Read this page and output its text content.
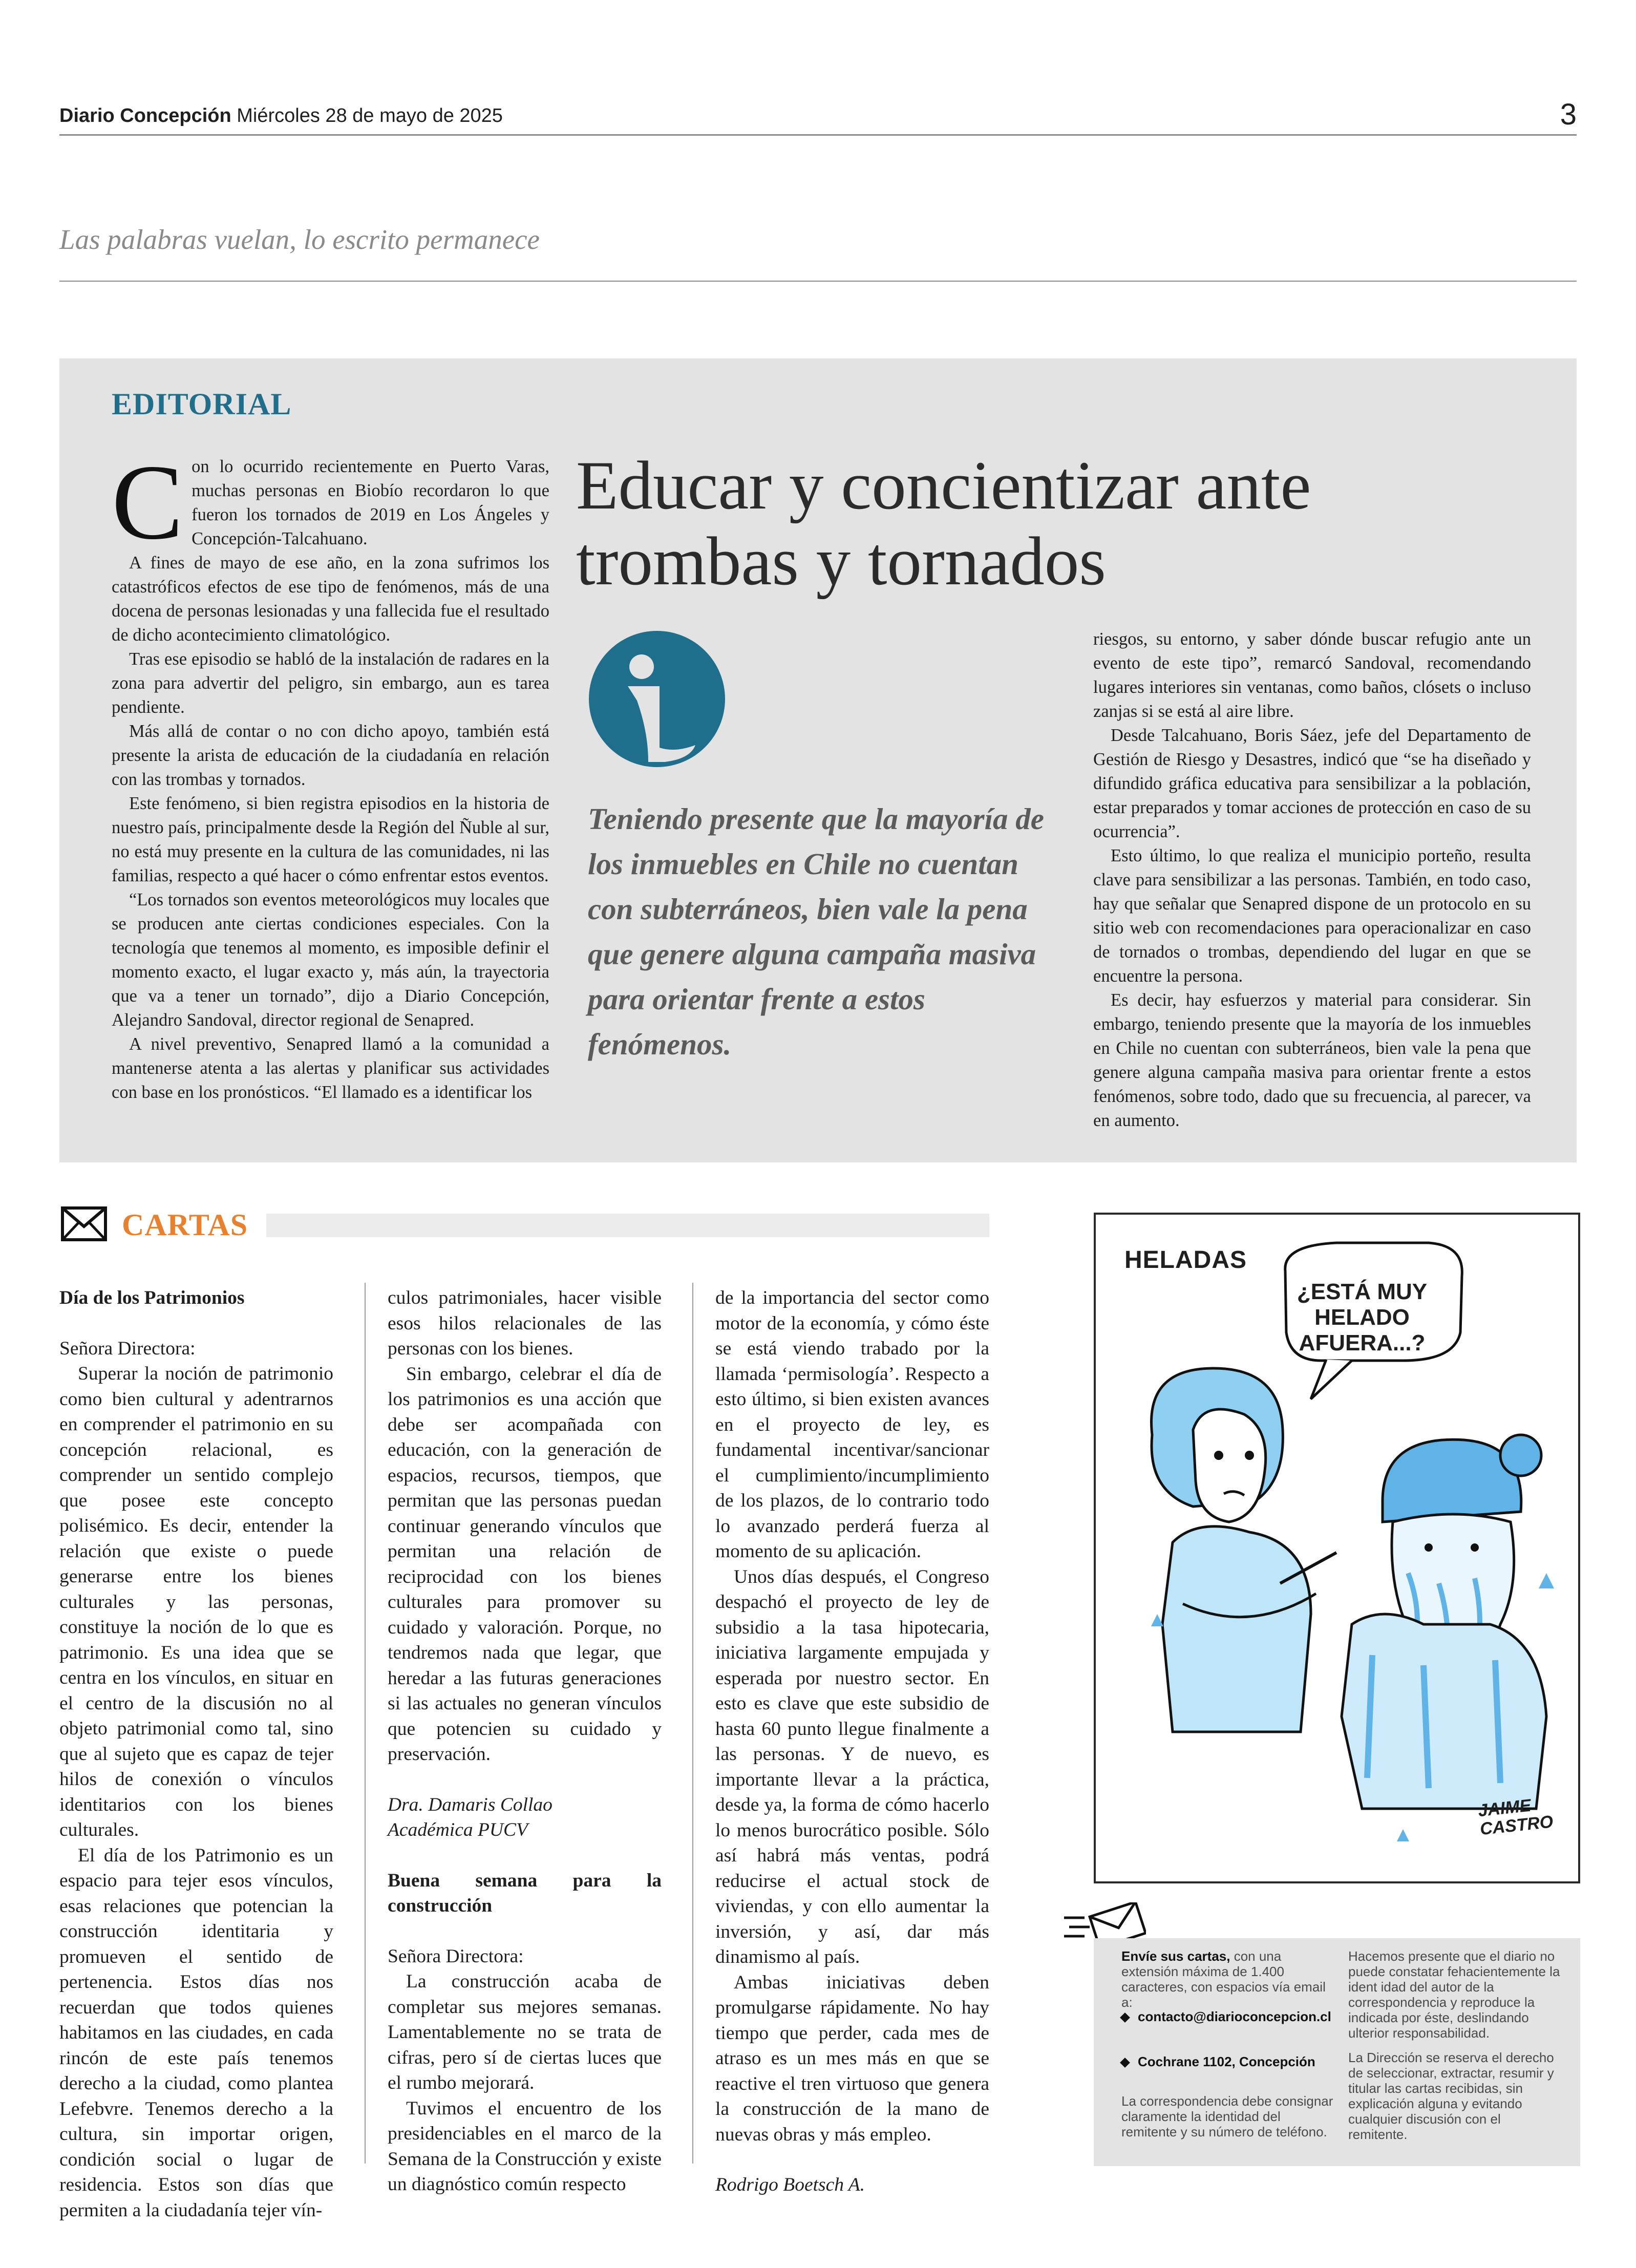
Diario Concepción Miércoles 28 de mayo de 2025	3
Las palabras vuelan, lo escrito permanece
EDITORIAL

Con lo ocurrido recientemente en Puerto Varas, muchas personas en Biobío recordaron lo que fueron los tornados de 2019 en Los Ángeles y Concepción-Talcahuano.

A fines de mayo de ese año, en la zona sufrimos los catastróficos efectos de ese tipo de fenómenos, más de una docena de personas lesionadas y una fallecida fue el resultado de dicho acontecimiento climatológico.

Tras ese episodio se habló de la instalación de radares en la zona para advertir del peligro, sin embargo, aun es tarea pendiente.

Más allá de contar o no con dicho apoyo, también está presente la arista de educación de la ciudadanía en relación con las trombas y tornados.

Este fenómeno, si bien registra episodios en la historia de nuestro país, principalmente desde la Región del Ñuble al sur, no está muy presente en la cultura de las comunidades, ni las familias, respecto a qué hacer o cómo enfrentar estos eventos.

“Los tornados son eventos meteorológicos muy locales que se producen ante ciertas condiciones especiales. Con la tecnología que tenemos al momento, es imposible definir el momento exacto, el lugar exacto y, más aún, la trayectoria que va a tener un tornado”, dijo a Diario Concepción, Alejandro Sandoval, director regional de Senapred.

A nivel preventivo, Senapred llamó a la comunidad a mantenerse atenta a las alertas y planificar sus actividades con base en los pronósticos. “El llamado es a identificar los

Educar y concientizar ante trombas y tornados
Teniendo presente que la mayoría de los inmuebles en Chile no cuentan con subterráneos, bien vale la pena que genere alguna campaña masiva para orientar frente a estos fenómenos.

riesgos, su entorno, y saber dónde buscar refugio ante un evento de este tipo”, remarcó Sandoval, recomendando lugares interiores sin ventanas, como baños, clósets o incluso zanjas si se está al aire libre.

Desde Talcahuano, Boris Sáez, jefe del Departamento de Gestión de Riesgo y Desastres, indicó que “se ha diseñado y difundido gráfica educativa para sensibilizar a la población, estar preparados y tomar acciones de protección en caso de su ocurrencia”.

Esto último, lo que realiza el municipio porteño, resulta clave para sensibilizar a las personas. También, en todo caso, hay que señalar que Senapred dispone de un protocolo en su sitio web con recomendaciones para operacionalizar en caso de tornados o trombas, dependiendo del lugar en que se encuentre la persona.

Es decir, hay esfuerzos y material para considerar. Sin embargo, teniendo presente que la mayoría de los inmuebles en Chile no cuentan con subterráneos, bien vale la pena que genere alguna campaña masiva para orientar frente a estos fenómenos, sobre todo, dado que su frecuencia, al parecer, va en aumento.

CARTAS

Día de los Patrimonios

Señora Directora:

Superar la noción de patrimonio como bien cultural y adentrarnos en comprender el patrimonio en su concepción relacional, es comprender un sentido complejo que posee este concepto polisémico. Es decir, entender la relación que existe o puede generarse entre los bienes culturales y las personas, constituye la noción de lo que es patrimonio. Es una idea que se centra en los vínculos, en situar en el centro de la discusión no al objeto patrimonial como tal, sino que al sujeto que es capaz de tejer hilos de conexión o vínculos identitarios con los bienes culturales.

El día de los Patrimonio es un espacio para tejer esos vínculos, esas relaciones que potencian la construcción identitaria y promueven el sentido de pertenencia. Estos días nos recuerdan que todos quienes habitamos en las ciudades, en cada rincón de este país tenemos derecho a la ciudad, como plantea Lefebvre. Tenemos derecho a la cultura, sin importar origen, condición social o lugar de residencia. Estos son días que permiten a la ciudadanía tejer vín-

culos patrimoniales, hacer visible esos hilos relacionales de las personas con los bienes.

Sin embargo, celebrar el día de los patrimonios es una acción que debe ser acompañada con educación, con la generación de espacios, recursos, tiempos, que permitan que las personas puedan continuar generando vínculos que permitan una relación de reciprocidad con los bienes culturales para promover su cuidado y valoración. Porque, no tendremos nada que legar, que heredar a las futuras generaciones si las actuales no generan vínculos que potencien su cuidado y preservación.

Dra. Damaris Collao

Académica PUCV

Buena semana para la construcción

Señora Directora:

La construcción acaba de completar sus mejores semanas. Lamentablemente no se trata de cifras, pero sí de ciertas luces que el rumbo mejorará.

Tuvimos el encuentro de los presidenciables en el marco de la Semana de la Construcción y existe un diagnóstico común respecto

de la importancia del sector como motor de la economía, y cómo éste se está viendo trabado por la llamada ‘permisología’. Respecto a esto último, si bien existen avances en el proyecto de ley, es fundamental incentivar/sancionar el cumplimiento/incumplimiento de los plazos, de lo contrario todo lo avanzado perderá fuerza al momento de su aplicación.

Unos días después, el Congreso despachó el proyecto de ley de subsidio a la tasa hipotecaria, iniciativa largamente empujada y esperada por nuestro sector. En esto es clave que este subsidio de hasta 60 punto llegue finalmente a las personas. Y de nuevo, es importante llevar a la práctica, desde ya, la forma de cómo hacerlo lo menos burocrático posible. Sólo así habrá más ventas, podrá reducirse el actual stock de viviendas, y con ello aumentar la inversión, y así, dar más dinamismo al país.

Ambas iniciativas deben promulgarse rápidamente. No hay tiempo que perder, cada mes de atraso es un mes más en que se reactive el tren virtuoso que genera la construcción de la mano de nuevas obras y más empleo.

Rodrigo Boetsch A.

HELADAS
¿ESTÁ MUY HELADO AFUERA...?
JAIME CASTRO
Envíe sus cartas, con una extensión máxima de 1.400 caracteres, con espacios vía email a:
contacto@diarioconcepcion.cl
Cochrane 1102, Concepción
La correspondencia debe consignar claramente la identidad del remitente y su número de teléfono.
Hacemos presente que el diario no puede constatar fehacientemente la ident idad del autor de la correspondencia y reproduce la indicada por éste, deslindando ulterior responsabilidad.
La Dirección se reserva el derecho de seleccionar, extractar, resumir y titular las cartas recibidas, sin explicación alguna y evitando cualquier discusión con el remitente.
